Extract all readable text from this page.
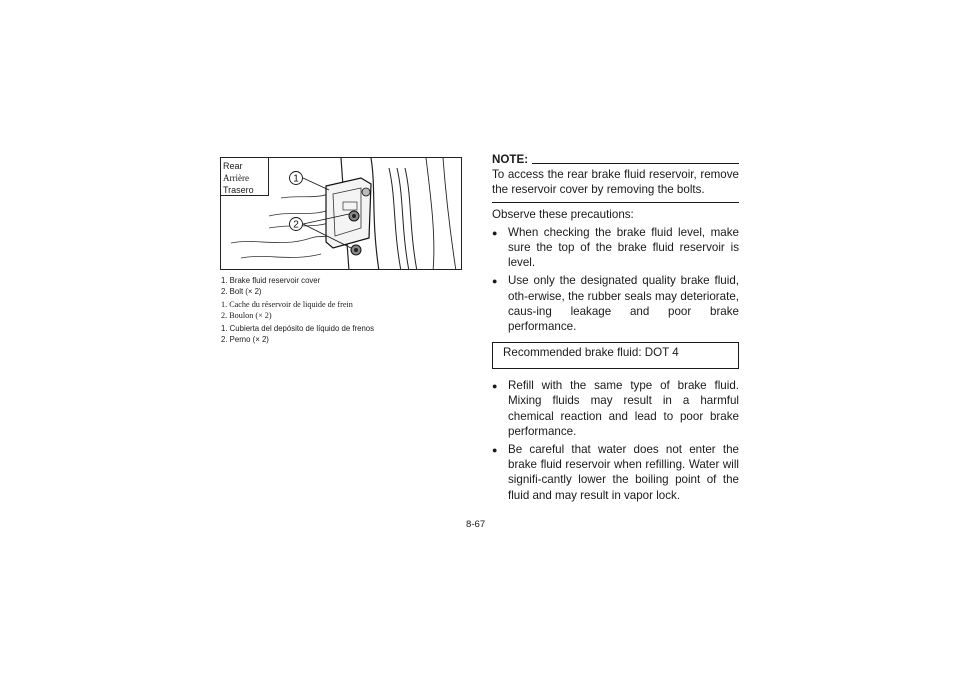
1
2
Rear
Arrière
Trasero
1. Brake fluid reservoir cover
2. Bolt (× 2)
1. Cache du réservoir de liquide de frein
2. Boulon (× 2)
1. Cubierta del depósito de líquido de frenos
2. Perno (× 2)
NOTE:
To access the rear brake fluid reservoir, remove the reservoir cover by removing the bolts.
Observe these precautions:
● When checking the brake fluid level, make sure the top of the brake fluid reservoir is level.
● Use only the designated quality brake fluid, oth-erwise, the rubber seals may deteriorate, caus-ing leakage and poor brake performance.
Recommended brake fluid: DOT 4
● Refill with the same type of brake fluid. Mixing fluids may result in a harmful chemical reaction and lead to poor brake performance.
● Be careful that water does not enter the brake fluid reservoir when refilling. Water will signifi-cantly lower the boiling point of the fluid and may result in vapor lock.
8-67
